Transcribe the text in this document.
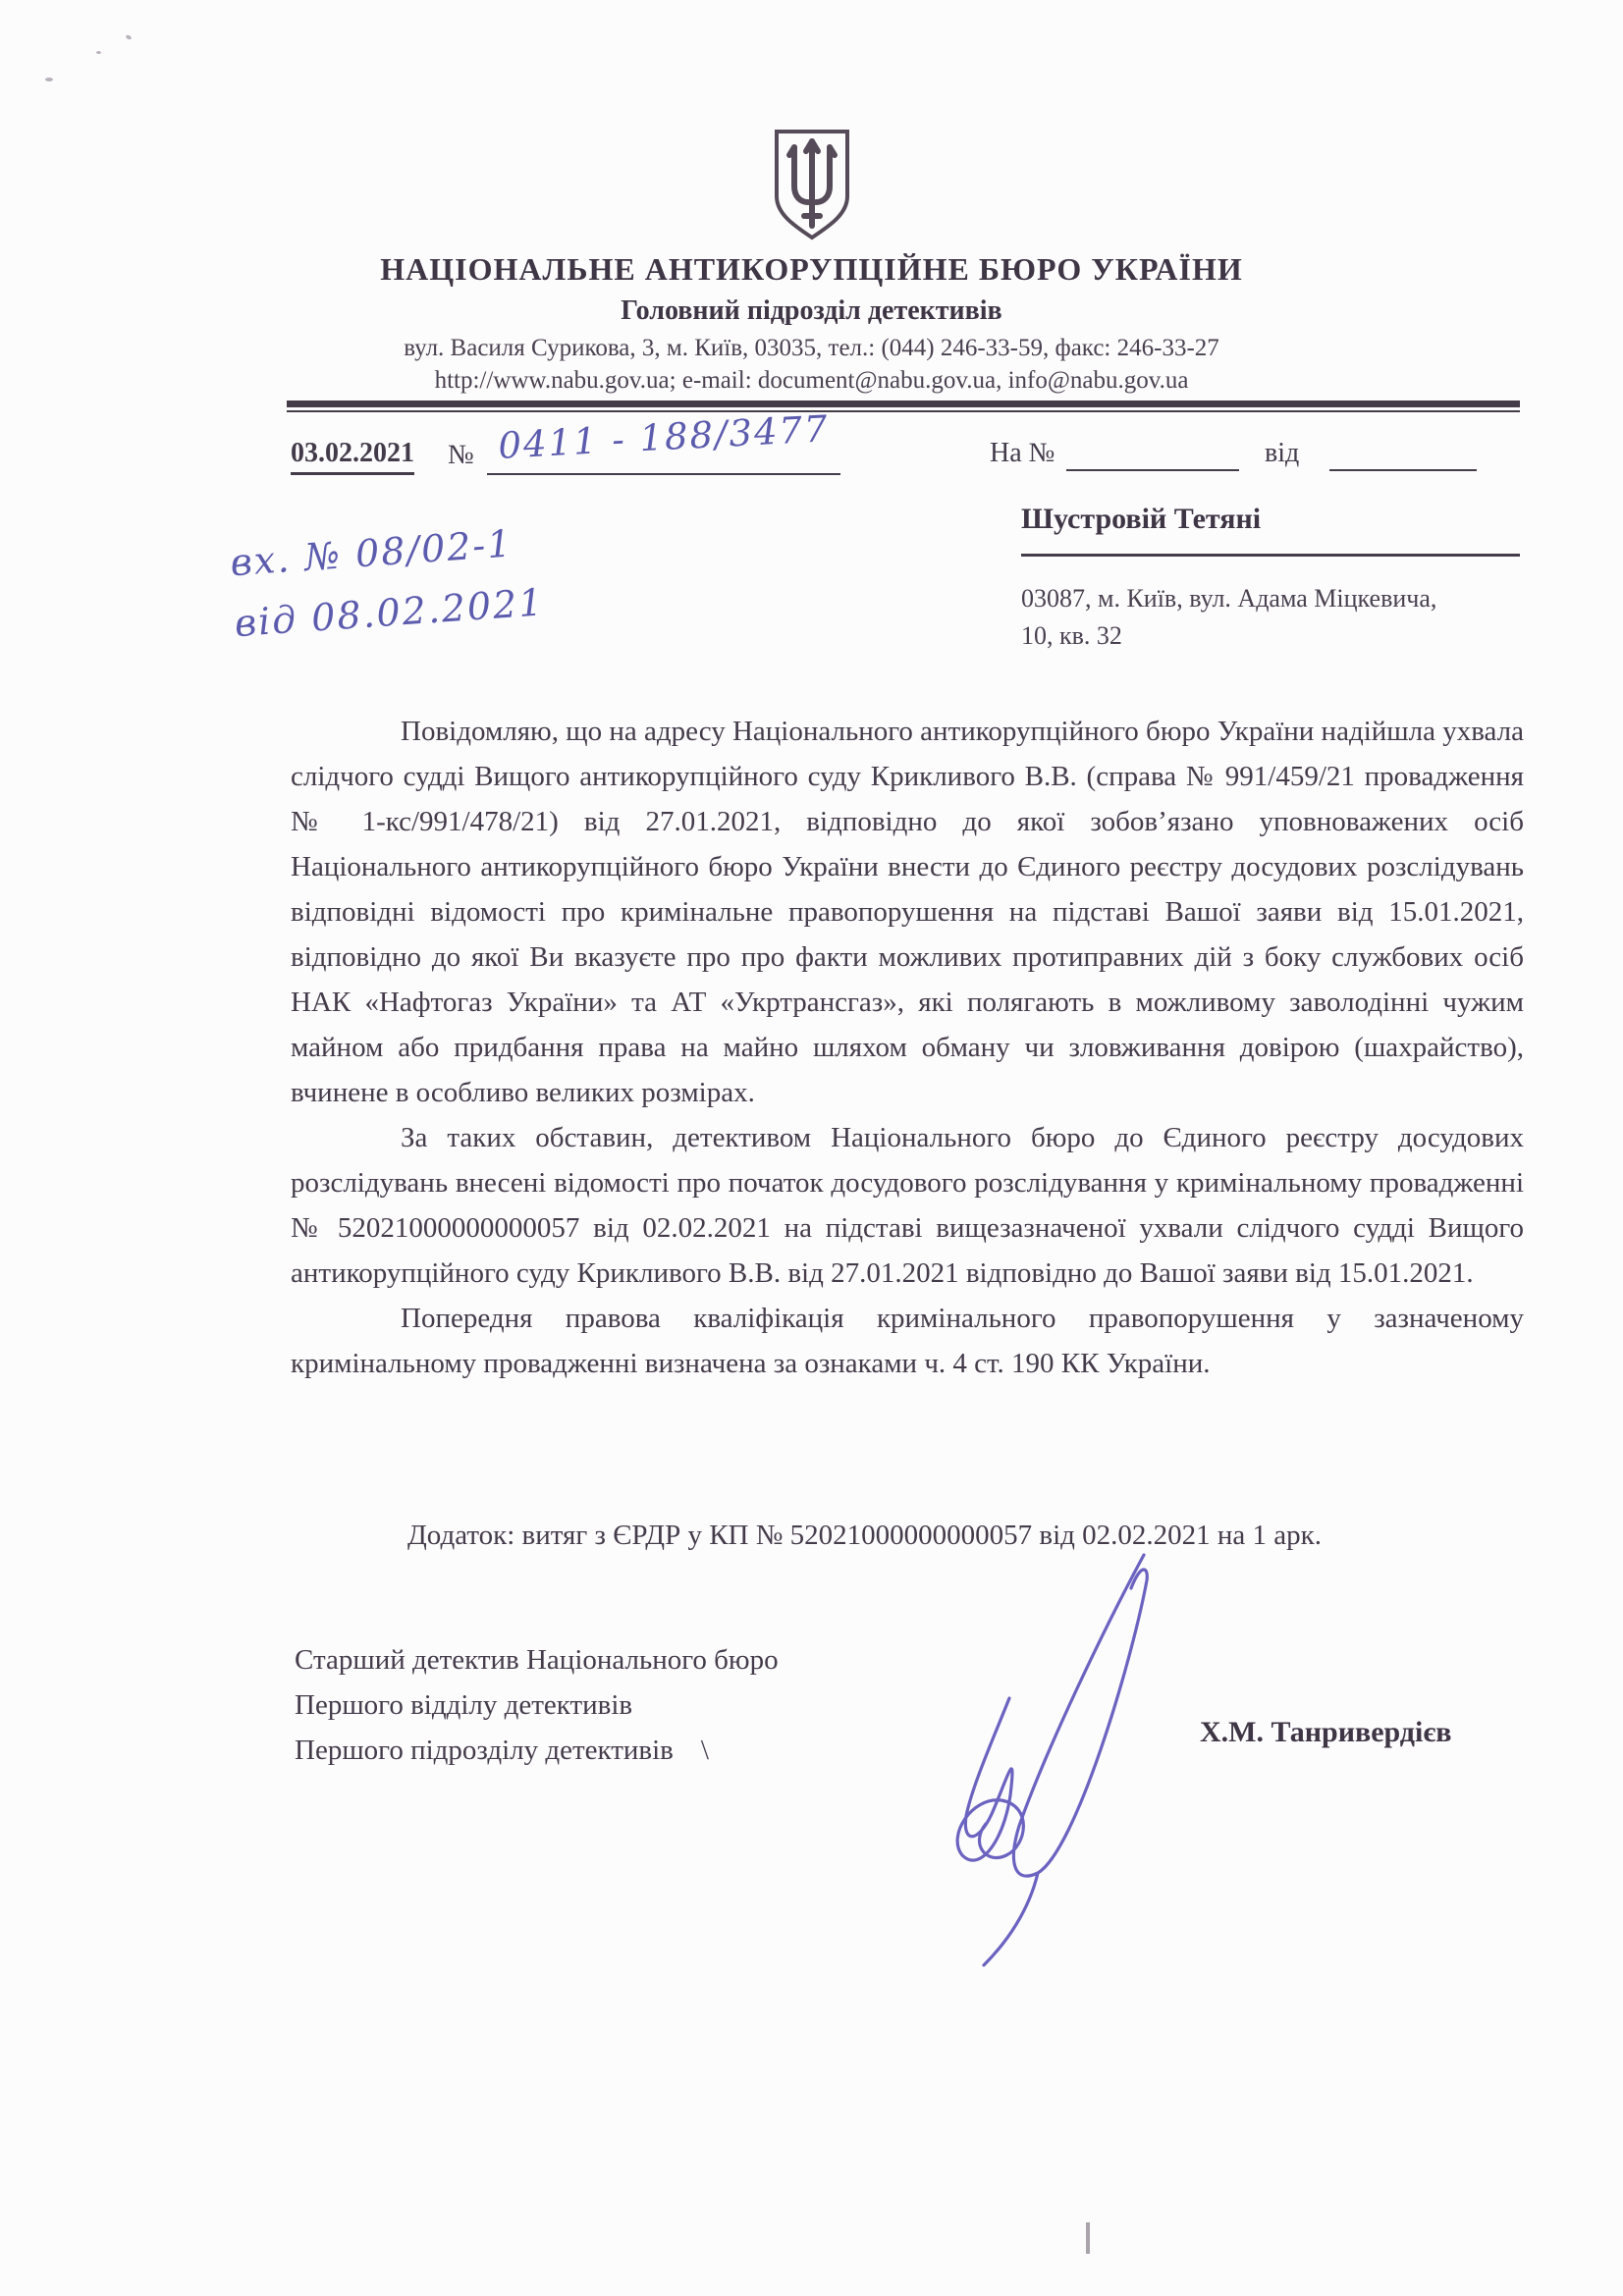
НАЦІОНАЛЬНЕ АНТИКОРУПЦІЙНЕ БЮРО УКРАЇНИ
Головний підрозділ детективів
вул. Василя Сурикова, 3, м. Київ, 03035, тел.: (044) 246-33-59, факс: 246-33-27
http://www.nabu.gov.ua; e-mail: document@nabu.gov.ua, info@nabu.gov.ua
03.02.2021 № 0411 - 188/3477	На №	від
вх. № 08/02-1
від 08.02.2021
Шустровій Тетяні
03087, м. Київ, вул. Адама Міцкевича,
10, кв. 32

Повідомляю, що на адресу Національного антикорупційного бюро України надійшла ухвала слідчого судді Вищого антикорупційного суду Крикливого В.В. (справа № 991/459/21 провадження № 1-кс/991/478/21) від 27.01.2021, відповідно до якої зобов’язано уповноважених осіб Національного антикорупційного бюро України внести до Єдиного реєстру досудових розслідувань відповідні відомості про кримінальне правопорушення на підставі Вашої заяви від 15.01.2021, відповідно до якої Ви вказуєте про про факти можливих протиправних дій з боку службових осіб НАК «Нафтогаз України» та АТ «Укртрансгаз», які полягають в можливому заволодінні чужим майном або придбання права на майно шляхом обману чи зловживання довірою (шахрайство), вчинене в особливо великих розмірах.

За таких обставин, детективом Національного бюро до Єдиного реєстру досудових розслідувань внесені відомості про початок досудового розслідування у кримінальному провадженні № 52021000000000057 від 02.02.2021 на підставі вищезазначеної ухвали слідчого судді Вищого антикорупційного суду Крикливого В.В. від 27.01.2021 відповідно до Вашої заяви від 15.01.2021.

Попередня правова кваліфікація кримінального правопорушення у зазначеному кримінальному провадженні визначена за ознаками ч. 4 ст. 190 КК України.

Додаток: витяг з ЄРДР у КП № 52021000000000057 від 02.02.2021 на 1 арк.
Старший детектив Національного бюро
Першого відділу детективів
Першого підрозділу детективів \
Х.М. Танривердієв
